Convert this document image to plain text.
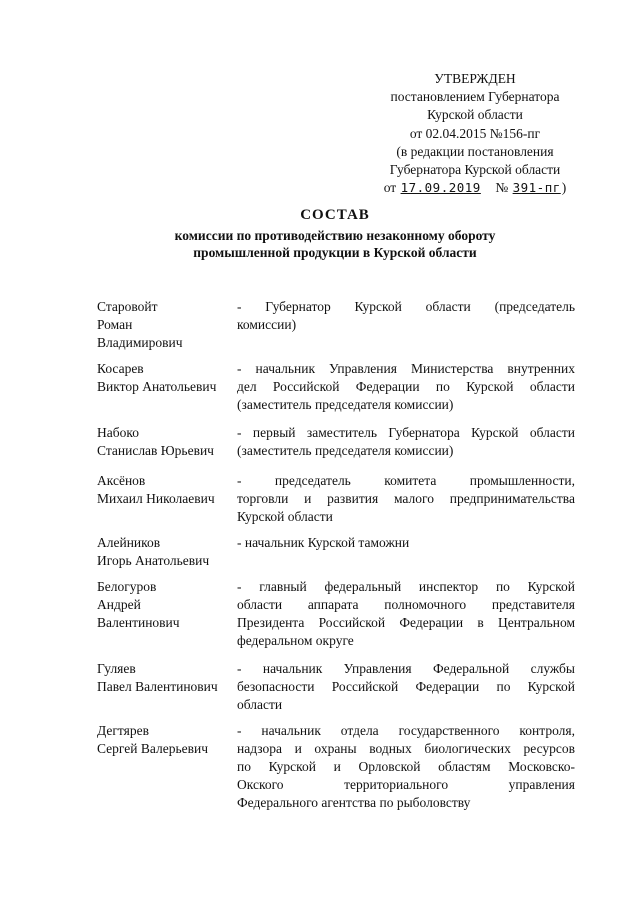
УТВЕРЖДЕН
постановлением Губернатора
Курской области
от 02.04.2015 №156-пг
(в редакции постановления
Губернатора Курской области
от 17.09.2019 № 391-пг)
СОСТАВ
комиссии по противодействию незаконному обороту
промышленной продукции в Курской области
Старовойт
Роман
Владимирович
- Губернатор Курской области (председатель
комиссии)
Косарев
Виктор Анатольевич
- начальник Управления Министерства внутренних
дел Российской Федерации по Курской области
(заместитель председателя комиссии)
Набоко
Станислав Юрьевич
- первый заместитель Губернатора Курской области
(заместитель председателя комиссии)
Аксёнов
Михаил Николаевич
- председатель комитета промышленности,
торговли и развития малого предпринимательства
Курской области
Алейников
Игорь Анатольевич
- начальник Курской таможни
Белогуров
Андрей
Валентинович
- главный федеральный инспектор по Курской
области аппарата полномочного представителя
Президента Российской Федерации в Центральном
федеральном округе
Гуляев
Павел Валентинович
- начальник Управления Федеральной службы
безопасности Российской Федерации по Курской
области
Дегтярев
Сергей Валерьевич
- начальник отдела государственного контроля,
надзора и охраны водных биологических ресурсов
по Курской и Орловской областям Московско-
Окского территориального управления
Федерального агентства по рыболовству
